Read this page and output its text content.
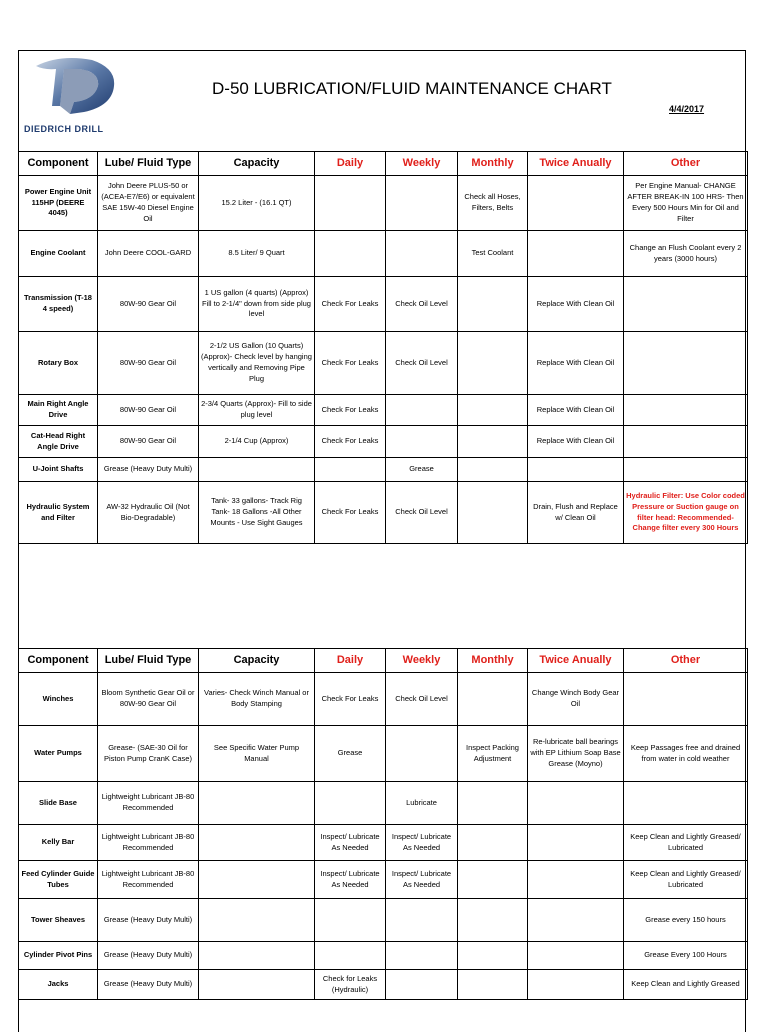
DIEDRICH DRILL
D-50 LUBRICATION/FLUID MAINTENANCE CHART
4/4/2017
Component	Lube/ Fluid Type	Capacity	Daily	Weekly	Monthly	Twice Anually	Other
Power Engine Unit 115HP (DEERE 4045)	John Deere PLUS-50 or (ACEA-E7/E6) or equivalent SAE 15W-40 Diesel Engine Oil	15.2 Liter - (16.1 QT)			Check all Hoses, Filters, Belts		Per Engine Manual- CHANGE AFTER BREAK-IN 100 HRS- Then Every 500 Hours Min for Oil and Filter
Engine Coolant	John Deere COOL-GARD	8.5 Liter/ 9 Quart			Test Coolant		Change an Flush Coolant every 2 years (3000 hours)
Transmission (T-18 4 speed)	80W-90 Gear Oil	1 US gallon (4 quarts) (Approx) Fill to 2-1/4" down from side plug level	Check For Leaks	Check Oil Level		Replace With Clean Oil	
Rotary Box	80W-90 Gear Oil	2-1/2 US Gallon (10 Quarts) (Approx)- Check level by hanging vertically and Removing Pipe Plug	Check For Leaks	Check Oil Level		Replace With Clean Oil	
Main Right Angle Drive	80W-90 Gear Oil	2-3/4 Quarts (Approx)- Fill to side plug level	Check For Leaks			Replace With Clean Oil	
Cat-Head Right Angle Drive	80W-90 Gear Oil	2-1/4 Cup (Approx)	Check For Leaks			Replace With Clean Oil	
U-Joint Shafts	Grease (Heavy Duty Multi)			Grease			
Hydraulic System and Filter	AW-32 Hydraulic Oil (Not Bio-Degradable)	Tank- 33 gallons- Track Rig Tank- 18 Gallons -All Other Mounts - Use Sight Gauges	Check For Leaks	Check Oil Level		Drain, Flush and Replace w/ Clean Oil	Hydraulic Filter: Use Color coded Pressure or Suction gauge on filter head: Recommended- Change filter every 300 Hours
Component	Lube/ Fluid Type	Capacity	Daily	Weekly	Monthly	Twice Anually	Other
Winches	Bloom Synthetic Gear Oil or 80W-90 Gear Oil	Varies- Check Winch Manual or Body Stamping	Check For Leaks	Check Oil Level		Change Winch Body Gear Oil	
Water Pumps	Grease- (SAE-30 Oil for Piston Pump CranK Case)	See Specific Water Pump Manual	Grease		Inspect Packing Adjustment	Re-lubricate ball bearings with EP Lithium Soap Base Grease (Moyno)	Keep Passages free and drained from water in cold weather
Slide Base	Lightweight Lubricant JB-80 Recommended			Lubricate			
Kelly Bar	Lightweight Lubricant JB-80 Recommended		Inspect/ Lubricate As Needed	Inspect/ Lubricate As Needed			Keep Clean and Lightly Greased/ Lubricated
Feed Cylinder Guide Tubes	Lightweight Lubricant JB-80 Recommended		Inspect/ Lubricate As Needed	Inspect/ Lubricate As Needed			Keep Clean and Lightly Greased/ Lubricated
Tower Sheaves	Grease (Heavy Duty Multi)						Grease every 150 hours
Cylinder Pivot Pins	Grease (Heavy Duty Multi)						Grease Every 100 Hours
Jacks	Grease (Heavy Duty Multi)		Check for Leaks (Hydraulic)				Keep Clean and Lightly Greased
